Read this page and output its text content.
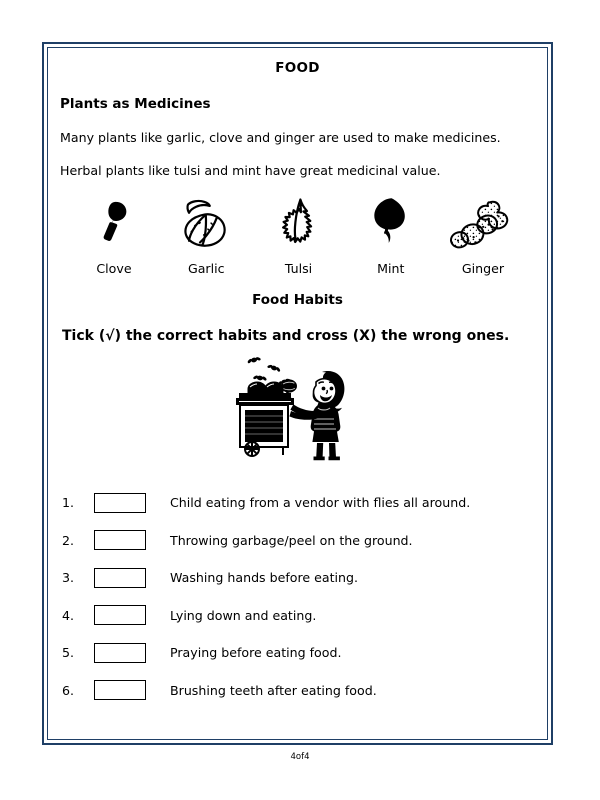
FOOD
Plants as Medicines
Many plants like garlic, clove and ginger are used to make medicines.
Herbal plants like tulsi and mint have great medicinal value.
Clove	Garlic	Tulsi	Mint	Ginger
Food Habits
Tick (√) the correct habits and cross (X) the wrong ones.
1.	Child eating from a vendor with flies all around.
2.	Throwing garbage/peel on the ground.
3.	Washing hands before eating.
4.	Lying down and eating.
5.	Praying before eating food.
6.	Brushing teeth after eating food.
4of4
